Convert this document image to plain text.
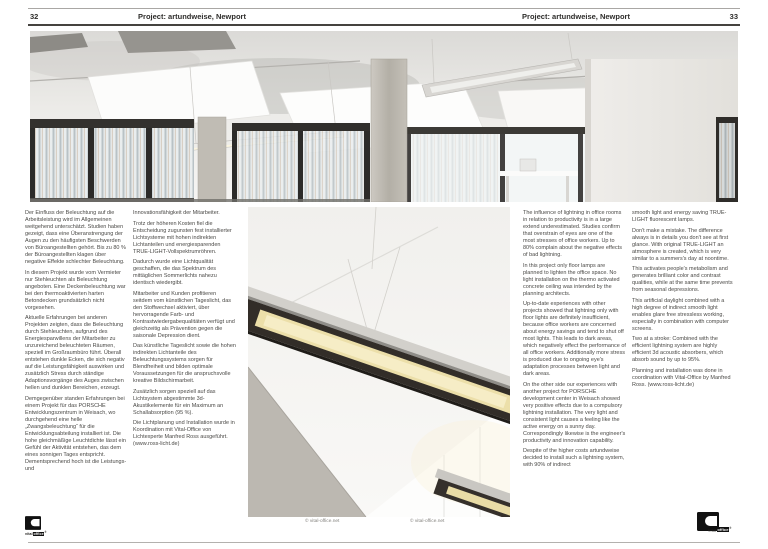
32	Project: artundweise, Newport	Project: artundweise, Newport	33

Der Einfluss der Beleuchtung auf die Arbeitsleistung wird im Allgemeinen weitgehend unterschätzt. Studien haben gezeigt, dass eine Überanstrengung der Augen zu den häufigsten Beschwerden von Büroangestellten gehört. Bis zu 80 % der Büroangestellten klagen über negative Effekte schlechter Beleuchtung.

In diesem Projekt wurde vom Vermieter nur Stehleuchten als Beleuchtung angeboten. Eine Deckenbeleuchtung war bei den thermoaktivierten harten Betondecken grundsätzlich nicht vorgesehen.

Aktuelle Erfahrungen bei anderen Projekten zeigten, dass die Beleuchtung durch Stehleuchten, aufgrund des Energiesparwillens der Mitarbeiter zu unzureichend beleuchteten Räumen, speziell im Großraumbüro führt. Überall entstehen dunkle Ecken, die sich negativ auf die Leistungsfähigkeit auswirken und zusätzlich Stress durch ständige Adaptionsvorgänge des Auges zwischen hellen und dunklen Bereichen, erzeugt.

Demgegenüber standen Erfahrungen bei einem Projekt für das PORSCHE Entwicklungszentrum in Weisach, wo durchgehend eine helle „Zwangsbeleuchtung“ für die Entwicklungsabteilung installiert ist. Die hohe gleichmäßige Leuchtdichte lässt ein Gefühl der Aktivität entstehen, das dem eines sonnigen Tages entspricht. Dementsprechend hoch ist die Leistungs- und

Innovationsfähigkeit der Mitarbeiter.

Trotz der höheren Kosten fiel die Entscheidung zugunsten fest installierter Lichtsysteme mit hohen indirekten Lichtanteilen und energiesparenden TRUE-LIGHT-Vollspektrumröhren.

Dadurch wurde eine Lichtqualität geschaffen, die das Spektrum des mittäglichen Sommerlichts nahezu identisch wiedergibt.

Mitarbeiter und Kunden profitieren seitdem vom künstlichen Tageslicht, das den Stoffwechsel aktiviert, über hervorragende Farb- und Kontrastwiedergabequalitäten verfügt und gleichzeitig als Prävention gegen die saisonale Depression dient.

Das künstliche Tageslicht sowie die hohen indirekten Lichtanteile des Beleuchtungssystems sorgen für Blendfreiheit und bilden optimale Voraussetzungen für die anspruchsvolle kreative Bildschirmarbeit.

Zusätzlich sorgen speziell auf das Lichtsystem abgestimmte 3d-Akustikelemente für ein Maximum an Schallabsorption (95 %).

Die Lichtplanung und Installation wurde in Koordination mit Vital-Office von Lichtexperte Manfred Ross ausgeführt. (www.ross-licht.de)

The influence of lightning in office rooms in relation to productivity is in a large extend underestimated. Studies confirm that overstrain of eyes are one of the most stresses of office workers. Up to 80% complain about the negative effects of bad lightning.

In this project only floor lamps are planned to lighten the office space. No light installation on the thermo activated concrete ceiling was intended by the planning architects.

Up-to-date experiences with other projects showed that lightning only with floor lights are definitely insufficient, because office workers are concerned about energy savings and tend to shut off most lights. This leads to dark areas, which negatively effect the performance of all office workers. Additionally more stress is produced due to ongoing eye's adaptation processes between light and dark areas.

On the other side our experiences with another project for PORSCHE development center in Weisach showed very positive effects due to a compulsory lightning installation. The very light and consistent light causes a feeling like the active energy on a sunny day. Correspondingly likewise is the engineer's productivity and innovation capability.

Despite of the higher costs artundweise decided to install such a lightning system, with 90% of indirect

smooth light and energy saving TRUE-LIGHT fluorescent lamps.

Don't make a mistake. The difference always is in details you don't see at first glance. With original TRUE-LIGHT an atmosphere is created, which is very similar to a summers's day at noontime.

This activates people's metabolism and generates brilliant color and contrast qualities, while at the same time prevents from seasonal depressions.

This artificial daylight combined with a high degree of indirect smooth light enables glare free stressless working, especially in combination with computer screens.

Two at a stroke: Combined with the efficient lightning system are highly efficient 3d acoustic absorbers, which absorb sound by up to 95%.

Planning and installation was done in coordination with Vital-Office by Manfred Ross. (www.ross-licht.de)

© vital-office.net	© vital-office.net
vitaloffice®	vitaloffice®
